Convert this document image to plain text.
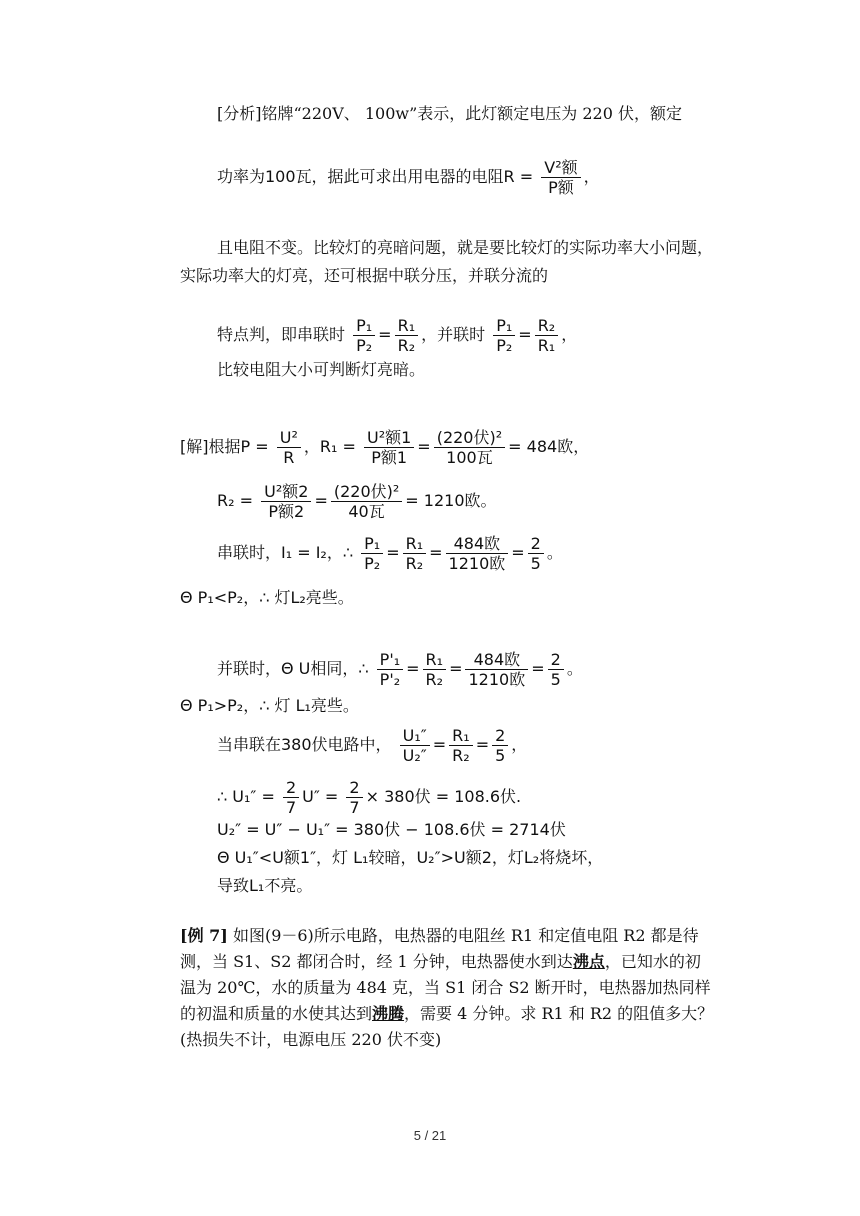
[分析]铭牌“220V、 100w”表示，此灯额定电压为 220 伏，额定
功率为100瓦，据此可求出用电器的电阻$R = \frac{\text{V²额}}{\text{P额}}$ ，
且电阻不变。比较灯的亮暗问题，就是要比较灯的实际功率大小问题，
实际功率大的灯亮，还可根据中联分压，并联分流的
特点判，即串联时 $\frac{\text{P₁}}{\text{P₂}} = \frac{\text{R₁}}{\text{R₂}}$ ，并联时 $\frac{\text{P₁}}{\text{P₂}} = \frac{\text{R₂}}{\text{R₁}}$ ，
比较电阻大小可判断灯亮暗。
[解]根据$P = \frac{\text{U²}}{R}$ ，$R_1 = \frac{\text{U²额1}}{\text{P额1}} = \frac{\text{(220伏)²}}{\text{100瓦}} = 484$欧，
$R_2 = \frac{\text{U²额2}}{\text{P额2}} = \frac{\text{(220伏)²}}{\text{40瓦}} = 1210$欧。
串联时，I₁ = I₂，∴ $\frac{\text{P₁}}{\text{P₂}} = \frac{\text{R₁}}{\text{R₂}} = \frac{\text{484欧}}{\text{1210欧}} = \frac{2}{5}$ 。
Θ P₁<P₂，∴ 灯L₂亮些。
并联时，Θ U相同，∴ $\frac{\text{P'₁}}{\text{P'₂}} = \frac{\text{R₁}}{\text{R₂}} = \frac{\text{484欧}}{\text{1210欧}} = \frac{2}{5}$ 。
Θ P₁>P₂，∴ 灯 L₁亮些。
当串联在380伏电路中， $\frac{\text{U₁″}}{\text{U₂″}} = \frac{\text{R₁}}{\text{R₂}} = \frac{2}{5}$ ，
∴ $U_1'' = \frac{2}{7} U'' = \frac{2}{7} \times 380$伏 = 108.6伏.
U₂″ = U″ − U₁″ = 380伏 − 108.6伏 = 2714伏
Θ U₁″<U额1″，灯 L₁较暗，U₂″>U额2，灯L₂将烧坏，
导致L₁不亮。
[例 7] 如图(9－6)所示电路，电热器的电阻丝 R1 和定值电阻 R2 都是待
测，当 S1、S2 都闭合时，经 1 分钟，电热器使水到达沸点，已知水的初
温为 20℃，水的质量为 484 克，当 S1 闭合 S2 断开时，电热器加热同样
的初温和质量的水使其达到沸腾，需要 4 分钟。求 R1 和 R2 的阻值多大？
(热损失不计，电源电压 220 伏不变)
5 / 21
